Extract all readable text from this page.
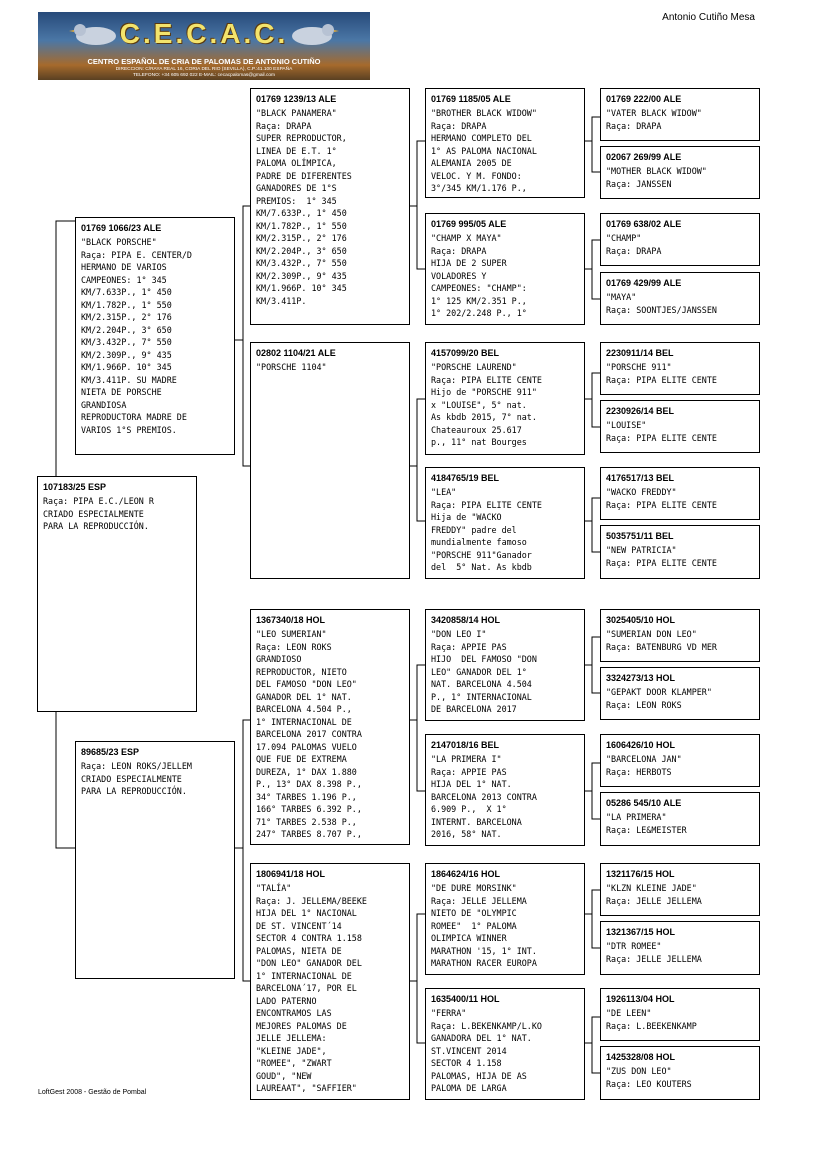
Antonio Cutiño Mesa
C.E.C.A.C.
CENTRO ESPAÑOL DE CRIA DE PALOMAS DE ANTONIO CUTIÑO
DIRECCION: C/RAYA REAL 16, CORIA DEL RIO (SEVILLA), C.P.:41.100 ESPAÑA
TELEFONO: +34 605 692 022 E-MAIL: cecacpalomas@gmail.com
107183/25 ESP
Raça: PIPA E.C./LEON R
CRIADO ESPECIALMENTE
PARA LA REPRODUCCIÓN.
01769 1066/23 ALE
"BLACK PORSCHE"
Raça: PIPA E. CENTER/D
HERMANO DE VARIOS
CAMPEONES: 1° 345
KM/7.633P., 1° 450
KM/1.782P., 1° 550
KM/2.315P., 2° 176
KM/2.204P., 3° 650
KM/3.432P., 7° 550
KM/2.309P., 9° 435
KM/1.966P. 10° 345
KM/3.411P. SU MADRE
NIETA DE PORSCHE
GRANDIOSA
REPRODUCTORA MADRE DE
VARIOS 1°S PREMIOS.
89685/23 ESP
Raça: LEON ROKS/JELLEM
CRIADO ESPECIALMENTE
PARA LA REPRODUCCIÓN.
01769 1239/13 ALE
"BLACK PANAMERA"
Raça: DRAPA
SUPER REPRODUCTOR,
LINEA DE E.T. 1°
PALOMA OLÍMPICA,
PADRE DE DIFERENTES
GANADORES DE 1°S
PREMIOS:  1° 345
KM/7.633P., 1° 450
KM/1.782P., 1° 550
KM/2.315P., 2° 176
KM/2.204P., 3° 650
KM/3.432P., 7° 550
KM/2.309P., 9° 435
KM/1.966P. 10° 345
KM/3.411P.
02802 1104/21 ALE
"PORSCHE 1104"
1367340/18 HOL
"LEO SUMERIAN"
Raça: LEON ROKS
GRANDIOSO
REPRODUCTOR, NIETO
DEL FAMOSO "DON LEO"
GANADOR DEL 1° NAT.
BARCELONA 4.504 P.,
1° INTERNACIONAL DE
BARCELONA 2017 CONTRA
17.094 PALOMAS VUELO
QUE FUE DE EXTREMA
DUREZA, 1° DAX 1.880
P., 13° DAX 8.398 P.,
34° TARBES 1.196 P.,
166° TARBES 6.392 P.,
71° TARBES 2.538 P.,
247° TARBES 8.707 P.,
1806941/18 HOL
"TALÍA"
Raça: J. JELLEMA/BEEKE
HIJA DEL 1° NACIONAL
DE ST. VINCENT´14
SECTOR 4 CONTRA 1.158
PALOMAS, NIETA DE
"DON LEO" GANADOR DEL
1° INTERNACIONAL DE
BARCELONA´17, POR EL
LADO PATERNO
ENCONTRAMOS LAS
MEJORES PALOMAS DE
JELLE JELLEMA:
"KLEINE JADE",
"ROMEE", "ZWART
GOUD", "NEW
LAUREAAT", "SAFFIER"
01769 1185/05 ALE
"BROTHER BLACK WIDOW"
Raça: DRAPA
HERMANO COMPLETO DEL
1° AS PALOMA NACIONAL
ALEMANIA 2005 DE
VELOC. Y M. FONDO:
3°/345 KM/1.176 P.,
01769 995/05 ALE
"CHAMP X MAYA"
Raça: DRAPA
HIJA DE 2 SUPER
VOLADORES Y
CAMPEONES: "CHAMP":
1° 125 KM/2.351 P.,
1° 202/2.248 P., 1°
4157099/20 BEL
"PORSCHE LAUREND"
Raça: PIPA ELITE CENTE
Hijo de "PORSCHE 911"
x "LOUISE", 5° nat.
As kbdb 2015, 7° nat.
Chateauroux 25.617
p., 11° nat Bourges
4184765/19 BEL
"LEA"
Raça: PIPA ELITE CENTE
Hija de "WACKO
FREDDY" padre del
mundialmente famoso
"PORSCHE 911"Ganador
del  5° Nat. As kbdb
3420858/14 HOL
"DON LEO I"
Raça: APPIE PAS
HIJO  DEL FAMOSO "DON
LEO" GANADOR DEL 1°
NAT. BARCELONA 4.504
P., 1° INTERNACIONAL
DE BARCELONA 2017
2147018/16 BEL
"LA PRIMERA I"
Raça: APPIE PAS
HIJA DEL 1° NAT.
BARCELONA 2013 CONTRA
6.909 P.,  X 1°
INTERNT. BARCELONA
2016, 58° NAT.
1864624/16 HOL
"DE DURE MORSINK"
Raça: JELLE JELLEMA
NIETO DE "OLYMPIC
ROMEE"  1° PALOMA
OLIMPICA WINNER
MARATHON '15, 1° INT.
MARATHON RACER EUROPA
1635400/11 HOL
"FERRA"
Raça: L.BEKENKAMP/L.KO
GANADORA DEL 1° NAT.
ST.VINCENT 2014
SECTOR 4 1.158
PALOMAS, HIJA DE AS
PALOMA DE LARGA
01769 222/00 ALE
"VATER BLACK WIDOW"
Raça: DRAPA
02067 269/99 ALE
"MOTHER BLACK WIDOW"
Raça: JANSSEN
01769 638/02 ALE
"CHAMP"
Raça: DRAPA
01769 429/99 ALE
"MAYA"
Raça: SOONTJES/JANSSEN
2230911/14 BEL
"PORSCHE 911"
Raça: PIPA ELITE CENTE
2230926/14 BEL
"LOUISE"
Raça: PIPA ELITE CENTE
4176517/13 BEL
"WACKO FREDDY"
Raça: PIPA ELITE CENTE
5035751/11 BEL
"NEW PATRICIA"
Raça: PIPA ELITE CENTE
3025405/10 HOL
"SUMERIAN DON LEO"
Raça: BATENBURG VD MER
3324273/13 HOL
"GEPAKT DOOR KLAMPER"
Raça: LEON ROKS
1606426/10 HOL
"BARCELONA JAN"
Raça: HERBOTS
05286 545/10 ALE
"LA PRIMERA"
Raça: LE&MEISTER
1321176/15 HOL
"KLZN KLEINE JADE"
Raça: JELLE JELLEMA
1321367/15 HOL
"DTR ROMEE"
Raça: JELLE JELLEMA
1926113/04 HOL
"DE LEEN"
Raça: L.BEEKENKAMP
1425328/08 HOL
"ZUS DON LEO"
Raça: LEO KOUTERS
LoftGest 2008 - Gestão de Pombal
